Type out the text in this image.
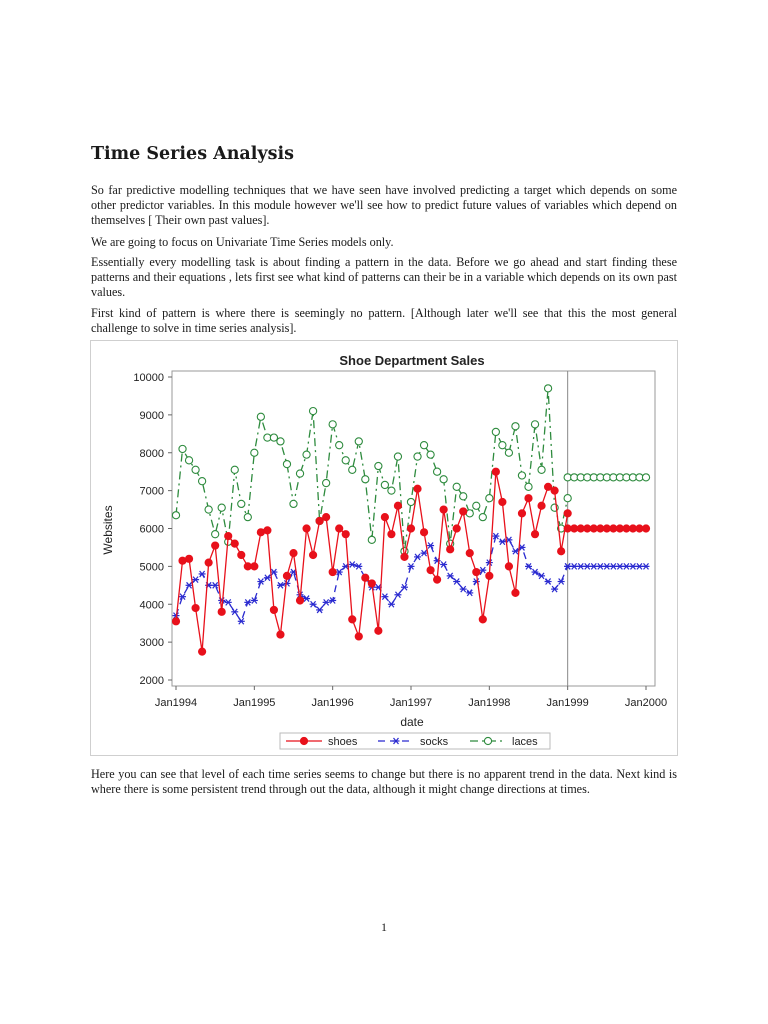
Time Series Analysis

So far predictive modelling techniques that we have seen have involved predicting a target which depends on some other predictor variables. In this module however we'll see how to predict future values of variables which depend on themselves [ Their own past values].

We are going to focus on Univariate Time Series models only.

Essentially every modelling task is about finding a pattern in the data. Before we go ahead and start finding these patterns and their equations , lets first see what kind of patterns can their be in a variable which depends on its own past values.

First kind of pattern is where there is seemingly no pattern. [Although later we'll see that this the most general challenge to solve in time series analysis].

Shoe Department Sales
Websites
date
2000
3000
4000
5000
6000
7000
8000
9000
10000
Jan1994	Jan1995	Jan1996	Jan1997	Jan1998	Jan1999	Jan2000
shoes	socks	laces

Here you can see that level of each time series seems to change but there is no apparent trend in the data. Next kind is where there is some persistent trend through out the data, although it might change directions at times.

1
